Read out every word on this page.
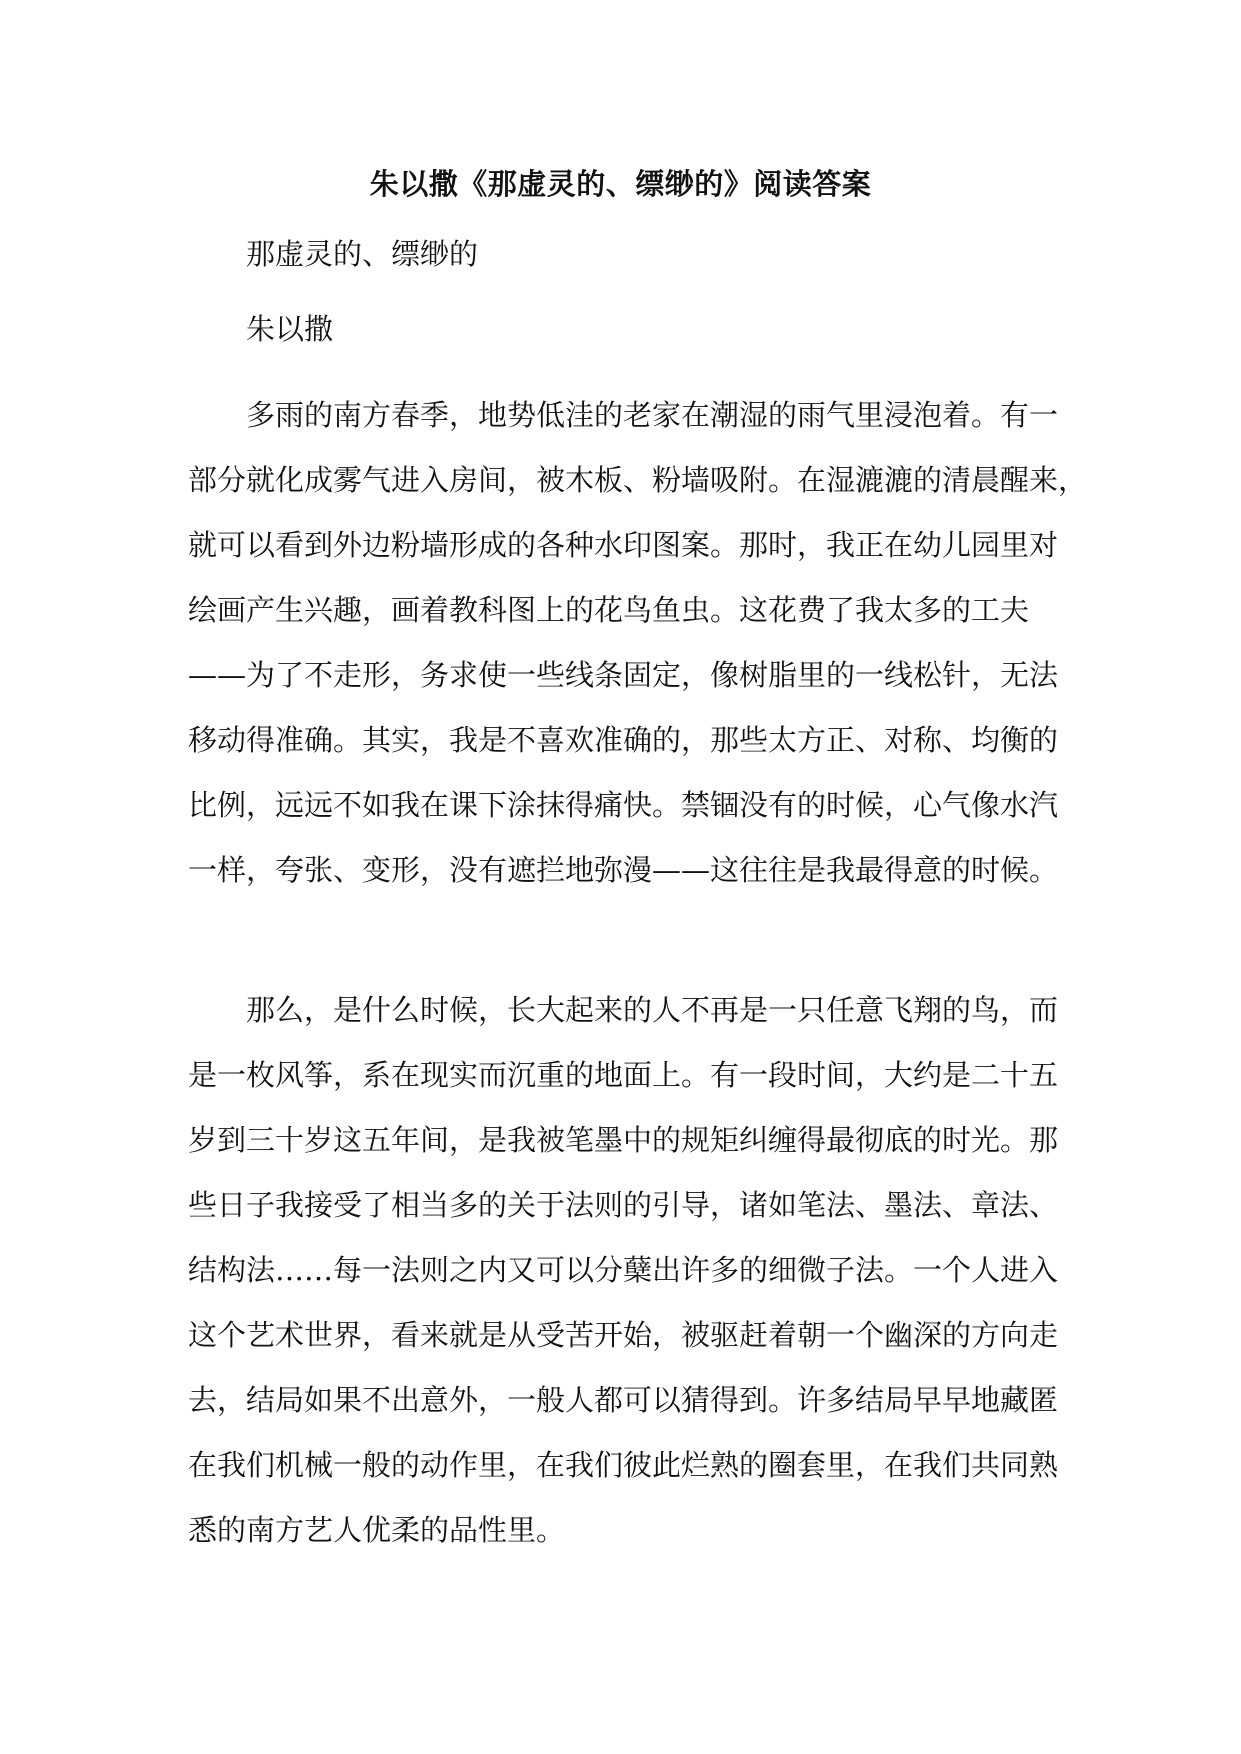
朱以撒《那虚灵的、缥缈的》阅读答案

那虚灵的、缥缈的

朱以撒

多雨的南方春季，地势低洼的老家在潮湿的雨气里浸泡着。有一
部分就化成雾气进入房间，被木板、粉墙吸附。在湿漉漉的清晨醒来，
就可以看到外边粉墙形成的各种水印图案。那时，我正在幼儿园里对
绘画产生兴趣，画着教科图上的花鸟鱼虫。这花费了我太多的工夫
——为了不走形，务求使一些线条固定，像树脂里的一线松针，无法
移动得准确。其实，我是不喜欢准确的，那些太方正、对称、均衡的
比例，远远不如我在课下涂抹得痛快。禁锢没有的时候，心气像水汽
一样，夸张、变形，没有遮拦地弥漫——这往往是我最得意的时候。
那么，是什么时候，长大起来的人不再是一只任意飞翔的鸟，而
是一枚风筝，系在现实而沉重的地面上。有一段时间，大约是二十五
岁到三十岁这五年间，是我被笔墨中的规矩纠缠得最彻底的时光。那
些日子我接受了相当多的关于法则的引导，诸如笔法、墨法、章法、
结构法……每一法则之内又可以分蘖出许多的细微子法。一个人进入
这个艺术世界，看来就是从受苦开始，被驱赶着朝一个幽深的方向走
去，结局如果不出意外，一般人都可以猜得到。许多结局早早地藏匿
在我们机械一般的动作里，在我们彼此烂熟的圈套里，在我们共同熟
悉的南方艺人优柔的品性里。
